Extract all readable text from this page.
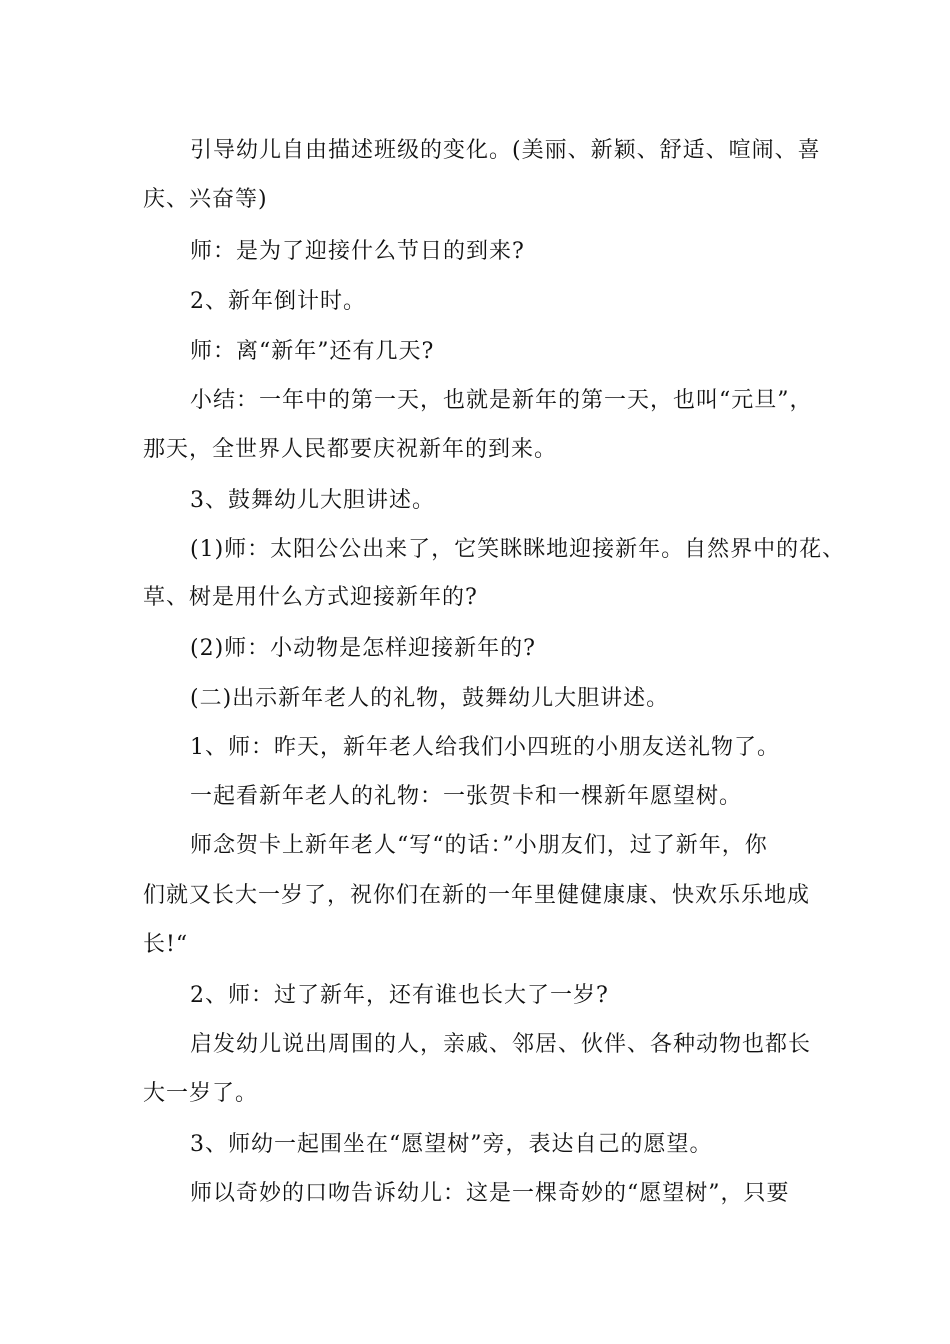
引导幼儿自由描述班级的变化。(美丽、新颖、舒适、喧闹、喜
庆、兴奋等)
师：是为了迎接什么节日的到来?
2、新年倒计时。
师：离“新年”还有几天?
小结：一年中的第一天，也就是新年的第一天，也叫“元旦”，
那天，全世界人民都要庆祝新年的到来。
3、鼓舞幼儿大胆讲述。
(1)师：太阳公公出来了，它笑眯眯地迎接新年。自然界中的花、
草、树是用什么方式迎接新年的?
(2)师：小动物是怎样迎接新年的?
(二)出示新年老人的礼物，鼓舞幼儿大胆讲述。
1、师：昨天，新年老人给我们小四班的小朋友送礼物了。
一起看新年老人的礼物：一张贺卡和一棵新年愿望树。
师念贺卡上新年老人“写“的话：”小朋友们，过了新年，你
们就又长大一岁了，祝你们在新的一年里健健康康、快欢乐乐地成
长!“
2、师：过了新年，还有谁也长大了一岁?
启发幼儿说出周围的人，亲戚、邻居、伙伴、各种动物也都长
大一岁了。
3、师幼一起围坐在“愿望树”旁，表达自己的愿望。
师以奇妙的口吻告诉幼儿：这是一棵奇妙的“愿望树”，只要
